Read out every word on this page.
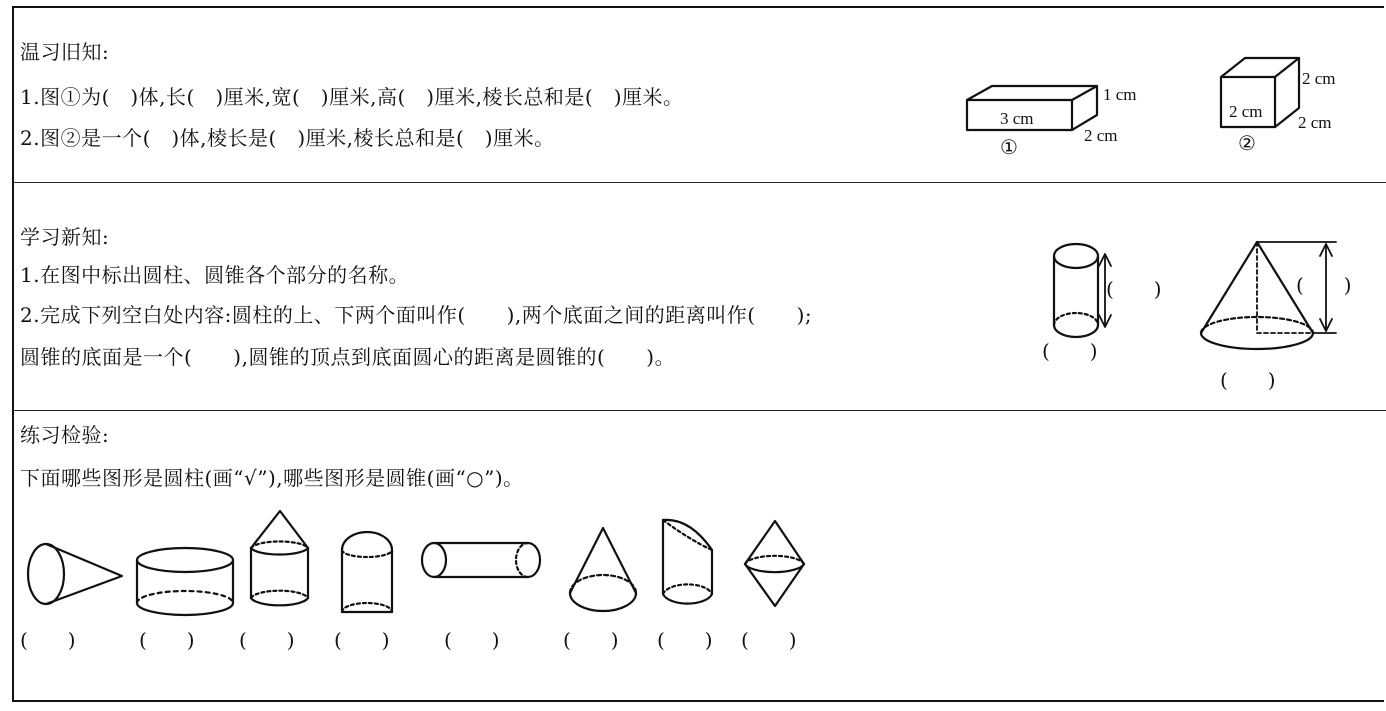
温习旧知:
1.图①为(　)体,长(　)厘米,宽(　)厘米,高(　)厘米,棱长总和是(　)厘米。
2.图②是一个(　)体,棱长是(　)厘米,棱长总和是(　)厘米。
学习新知:
1.在图中标出圆柱、圆锥各个部分的名称。
2.完成下列空白处内容:圆柱的上、下两个面叫作(　　),两个底面之间的距离叫作(　　);
圆锥的底面是一个(　　),圆锥的顶点到底面圆心的距离是圆锥的(　　)。
练习检验:
下面哪些图形是圆柱(画“√”),哪些图形是圆锥(画“○”)。
3 cm
1 cm
2 cm
①
2 cm
2 cm
2 cm
②
(　　)
(　　)
(　　)
(　　)
(　　)	(　　) (　　) (　　)	(　　)	(　　) (　　) (　　)
